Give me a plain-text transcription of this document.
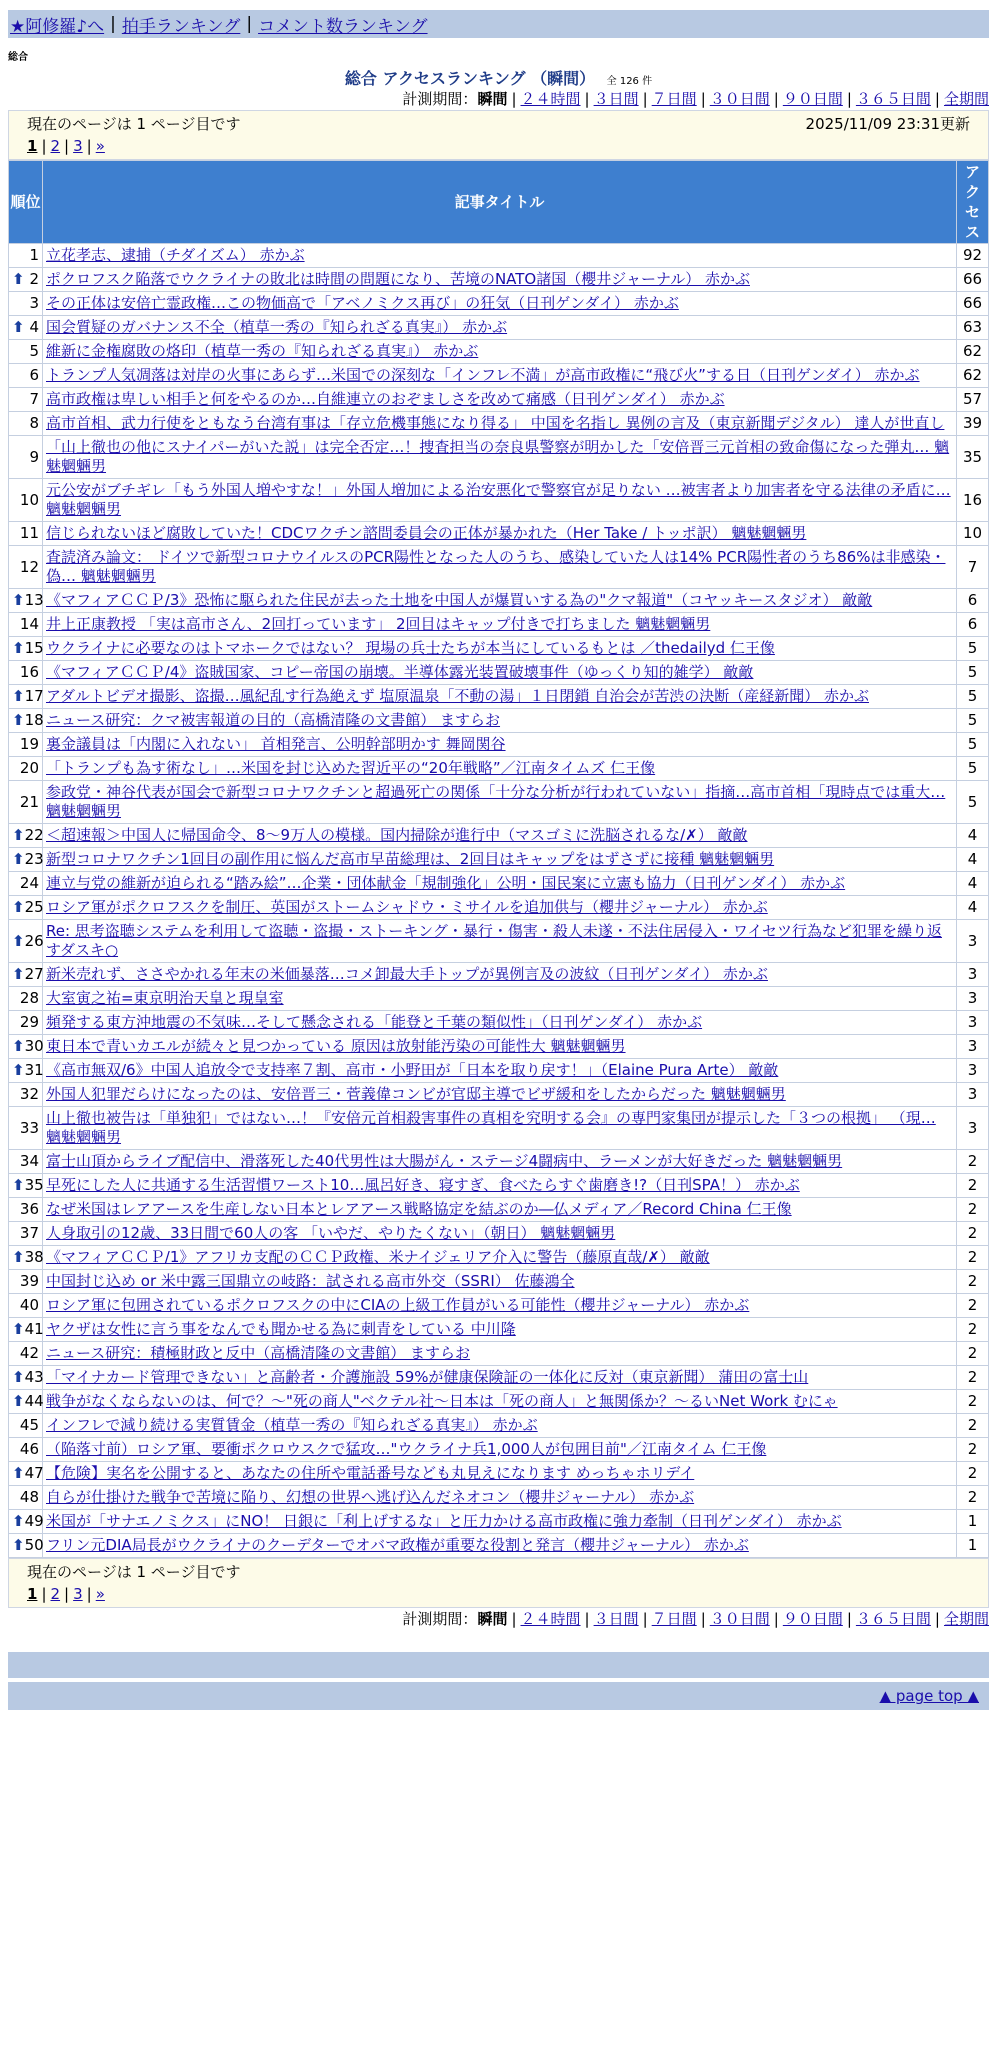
★阿修羅♪へ | 拍手ランキング | コメント数ランキング
総合
総合 アクセスランキング （瞬間） 全 126 件
計測期間：瞬間 | ２４時間 | ３日間 | ７日間 | ３０日間 | ９０日間 | ３６５日間 | 全期間
現在のページは 1 ページ目です	2025/11/09 23:31更新
1 | 2 | 3 | »
順位	記事タイトル	アクセス
1	立花孝志、逮捕（チダイズム） 赤かぶ	92

⬆ 2	ポクロフスク陥落でウクライナの敗北は時間の問題になり、苦境のNATO諸国（櫻井ジャーナル） 赤かぶ	66
3	その正体は安倍亡霊政権…この物価高で「アベノミクス再び」の狂気（日刊ゲンダイ） 赤かぶ	66

⬆ 4	国会質疑のガバナンス不全（植草一秀の『知られざる真実』） 赤かぶ	63
5	維新に金権腐敗の烙印（植草一秀の『知られざる真実』） 赤かぶ	62
6	トランプ人気凋落は対岸の火事にあらず…米国での深刻な「インフレ不満」が高市政権に“飛び火”する日（日刊ゲンダイ） 赤かぶ	62
7	高市政権は卑しい相手と何をやるのか…自維連立のおぞましさを改めて痛感（日刊ゲンダイ） 赤かぶ	57
8	高市首相、武力行使をともなう台湾有事は「存立危機事態になり得る」 中国を名指し 異例の言及（東京新聞デジタル） 達人が世直し	39
9	「山上徹也の他にスナイパーがいた説」は完全否定…！捜査担当の奈良県警察が明かした「安倍晋三元首相の致命傷になった弾丸… 魑魅魍魎男	35
10	元公安がブチギレ「もう外国人増やすな！」外国人増加による治安悪化で警察官が足りない …被害者より加害者を守る法律の矛盾に… 魑魅魍魎男	16
11	信じられないほど腐敗していた！CDCワクチン諮問委員会の正体が暴かれた（Her Take / トッポ訳） 魑魅魍魎男	10
12	査読済み論文： ドイツで新型コロナウイルスのPCR陽性となった人のうち、感染していた人は14% PCR陽性者のうち86%は非感染・偽… 魑魅魍魎男	7

⬆ 13	《マフィアＣＣＰ/3》恐怖に駆られた住民が去った土地を中国人が爆買いする為の"クマ報道"（コヤッキースタジオ） 敵敵	6
14	井上正康教授 「実は高市さん、2回打っています」 2回目はキャップ付きで打ちました 魑魅魍魎男	6

⬆ 15	ウクライナに必要なのはトマホークではない？ 現場の兵士たちが本当にしているもとは ／thedailyd 仁王像	5
16	《マフィアＣＣＰ/4》盗賊国家、コピー帝国の崩壊。半導体露光装置破壊事件（ゆっくり知的雑学） 敵敵	5

⬆ 17	アダルトビデオ撮影、盗撮…風紀乱す行為絶えず 塩原温泉「不動の湯」１日閉鎖 自治会が苦渋の決断（産経新聞） 赤かぶ	5

⬆ 18	ニュース研究：クマ被害報道の目的（高橋清隆の文書館） ますらお	5
19	裏金議員は「内閣に入れない」 首相発言、公明幹部明かす 舞岡関谷	5
20	「トランプも為す術なし」…米国を封じ込めた習近平の“20年戦略”／江南タイムズ 仁王像	5
21	参政党・神谷代表が国会で新型コロナワクチンと超過死亡の関係「十分な分析が行われていない」指摘…高市首相「現時点では重大… 魑魅魍魎男	5

⬆ 22	＜超速報＞中国人に帰国命令、8～9万人の模様。国内掃除が進行中（マスゴミに洗脳されるな/✗） 敵敵	4

⬆ 23	新型コロナワクチン1回目の副作用に悩んだ高市早苗総理は、2回目はキャップをはずさずに接種 魑魅魍魎男	4
24	連立与党の維新が迫られる“踏み絵”…企業・団体献金「規制強化」公明・国民案に立憲も協力（日刊ゲンダイ） 赤かぶ	4

⬆ 25	ロシア軍がポクロフスクを制圧、英国がストームシャドウ・ミサイルを追加供与（櫻井ジャーナル） 赤かぶ	4

⬆ 26	Re: 思考盗聴システムを利用して盗聴・盗撮・ストーキング・暴行・傷害・殺人未遂・不法住居侵入・ワイセツ行為など犯罪を繰り返すダスキ○	3

⬆ 27	新米売れず、ささやかれる年末の米価暴落…コメ卸最大手トップが異例言及の波紋（日刊ゲンダイ） 赤かぶ	3
28	大室寅之祐=東京明治天皇と現皇室	3
29	頻発する東方沖地震の不気味…そして懸念される「能登と千葉の類似性」（日刊ゲンダイ） 赤かぶ	3

⬆ 30	東日本で青いカエルが続々と見つかっている 原因は放射能汚染の可能性大 魑魅魍魎男	3

⬆ 31	《高市無双/6》中国人追放令で支持率７割、高市・小野田が「日本を取り戻す！」（Elaine Pura Arte） 敵敵	3
32	外国人犯罪だらけになったのは、安倍晋三・菅義偉コンビが官邸主導でビザ緩和をしたからだった 魑魅魍魎男	3
33	山上徹也被告は「単独犯」ではない…！『安倍元首相殺害事件の真相を究明する会』の専門家集団が提示した「３つの根拠」 （現… 魑魅魍魎男	3
34	富士山頂からライブ配信中、滑落死した40代男性は大腸がん・ステージ4闘病中、ラーメンが大好きだった 魑魅魍魎男	2

⬆ 35	早死にした人に共通する生活習慣ワースト10…風呂好き、寝すぎ、食べたらすぐ歯磨き!?（日刊SPA！） 赤かぶ	2
36	なぜ米国はレアアースを生産しない日本とレアアース戦略協定を結ぶのか―仏メディア／Record China 仁王像	2
37	人身取引の12歳、33日間で60人の客 「いやだ、やりたくない」（朝日） 魑魅魍魎男	2

⬆ 38	《マフィアＣＣＰ/1》アフリカ支配のＣＣＰ政権、米ナイジェリア介入に警告（藤原直哉/✗） 敵敵	2
39	中国封じ込め or 米中露三国鼎立の岐路：試される高市外交（SSRI） 佐藤鴻全	2
40	ロシア軍に包囲されているポクロフスクの中にCIAの上級工作員がいる可能性（櫻井ジャーナル） 赤かぶ	2

⬆ 41	ヤクザは女性に言う事をなんでも聞かせる為に刺青をしている 中川隆	2
42	ニュース研究：積極財政と反中（高橋清隆の文書館） ますらお	2

⬆ 43	「マイナカード管理できない」と高齢者・介護施設 59%が健康保険証の一体化に反対（東京新聞） 蒲田の富士山	2

⬆ 44	戦争がなくならないのは、何で？～"死の商人"ベクテル社～日本は「死の商人」と無関係か？～るいNet Work むにゃ	2
45	インフレで減り続ける実質賃金（植草一秀の『知られざる真実』） 赤かぶ	2
46	（陥落寸前）ロシア軍、要衝ポクロウスクで猛攻…"ウクライナ兵1,000人が包囲目前"／江南タイム 仁王像	2

⬆ 47	【危険】実名を公開すると、あなたの住所や電話番号なども丸見えになります めっちゃホリデイ	2
48	自らが仕掛けた戦争で苦境に陥り、幻想の世界へ逃げ込んだネオコン（櫻井ジャーナル） 赤かぶ	2

⬆ 49	米国が「サナエノミクス」にNO！ 日銀に「利上げするな」と圧力かける高市政権に強力牽制（日刊ゲンダイ） 赤かぶ	1

⬆ 50	フリン元DIA局長がウクライナのクーデターでオバマ政権が重要な役割と発言（櫻井ジャーナル） 赤かぶ	1
現在のページは 1 ページ目です
1 | 2 | 3 | »
計測期間：瞬間 | ２４時間 | ３日間 | ７日間 | ３０日間 | ９０日間 | ３６５日間 | 全期間
▲ page top ▲
